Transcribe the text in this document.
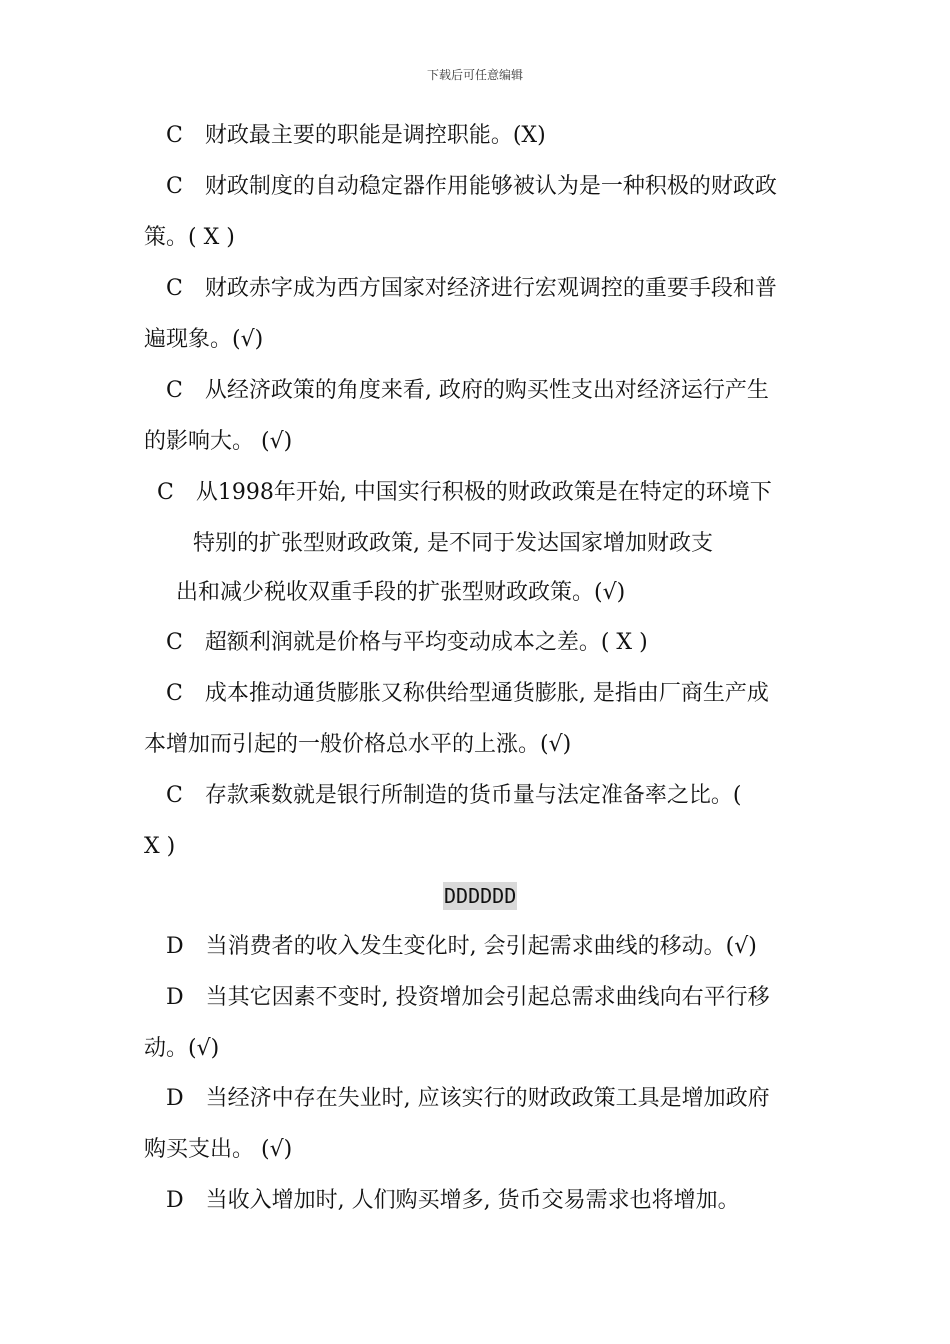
下载后可任意编辑
C　财政最主要的职能是调控职能。(X)
C　财政制度的自动稳定器作用能够被认为是一种积极的财政政
策。( X )
C　财政赤字成为西方国家对经济进行宏观调控的重要手段和普
遍现象。(√)
C　从经济政策的角度来看, 政府的购买性支出对经济运行产生
的影响大。 (√)
C　从1998年开始, 中国实行积极的财政政策是在特定的环境下
特别的扩张型财政政策, 是不同于发达国家增加财政支
出和减少税收双重手段的扩张型财政政策。(√)
C　超额利润就是价格与平均变动成本之差。( X )
C　成本推动通货膨胀又称供给型通货膨胀, 是指由厂商生产成
本增加而引起的一般价格总水平的上涨。(√)
C　存款乘数就是银行所制造的货币量与法定准备率之比。(
X )
DDDDDD
D　当消费者的收入发生变化时, 会引起需求曲线的移动。(√)
D　当其它因素不变时, 投资增加会引起总需求曲线向右平行移
动。(√)
D　当经济中存在失业时, 应该实行的财政政策工具是增加政府
购买支出。 (√)
D　当收入增加时, 人们购买增多, 货币交易需求也将增加。
